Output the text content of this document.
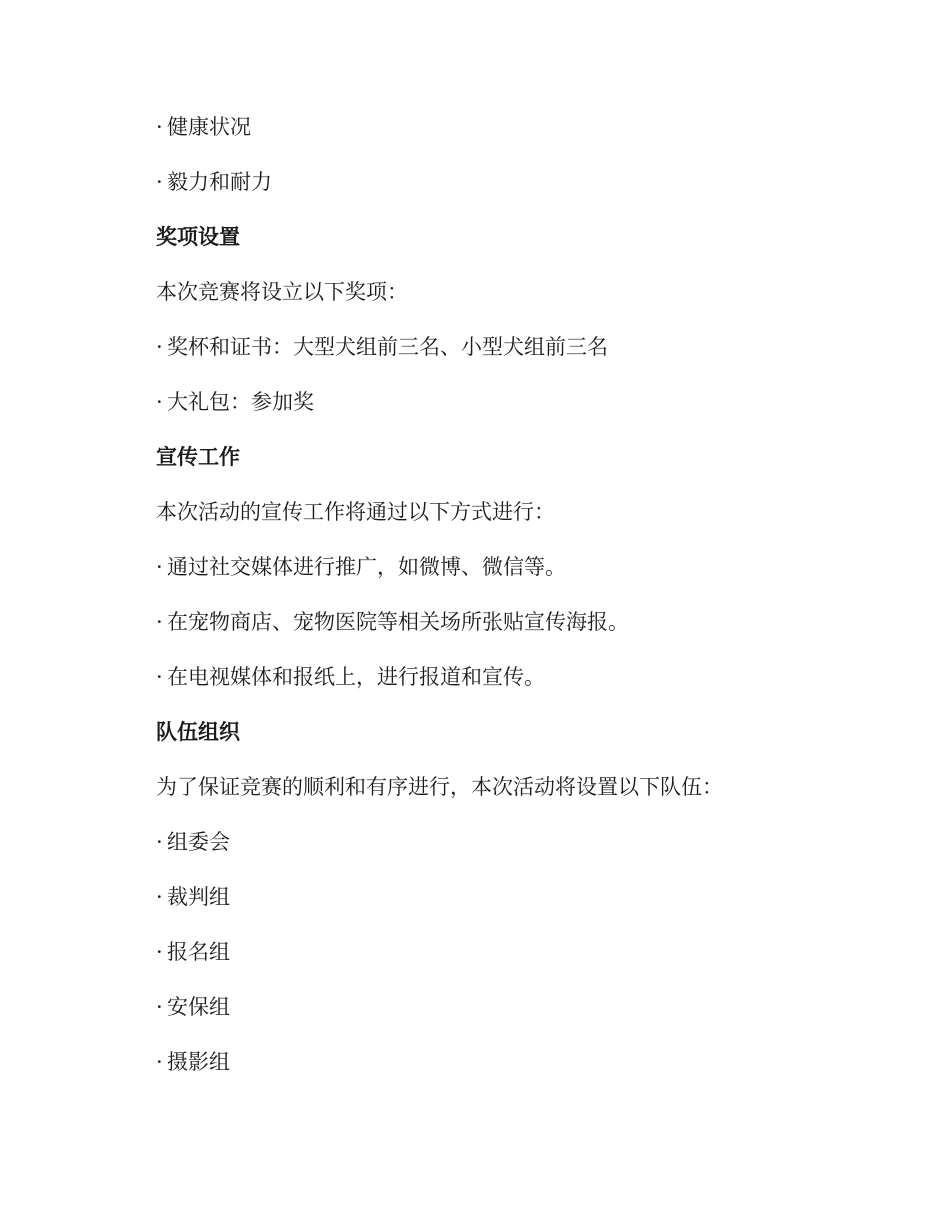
· 健康状况
· 毅力和耐力
奖项设置
本次竞赛将设立以下奖项：
· 奖杯和证书：大型犬组前三名、小型犬组前三名
· 大礼包：参加奖
宣传工作
本次活动的宣传工作将通过以下方式进行：
· 通过社交媒体进行推广，如微博、微信等。
· 在宠物商店、宠物医院等相关场所张贴宣传海报。
· 在电视媒体和报纸上，进行报道和宣传。
队伍组织
为了保证竞赛的顺利和有序进行，本次活动将设置以下队伍：
· 组委会
· 裁判组
· 报名组
· 安保组
· 摄影组
